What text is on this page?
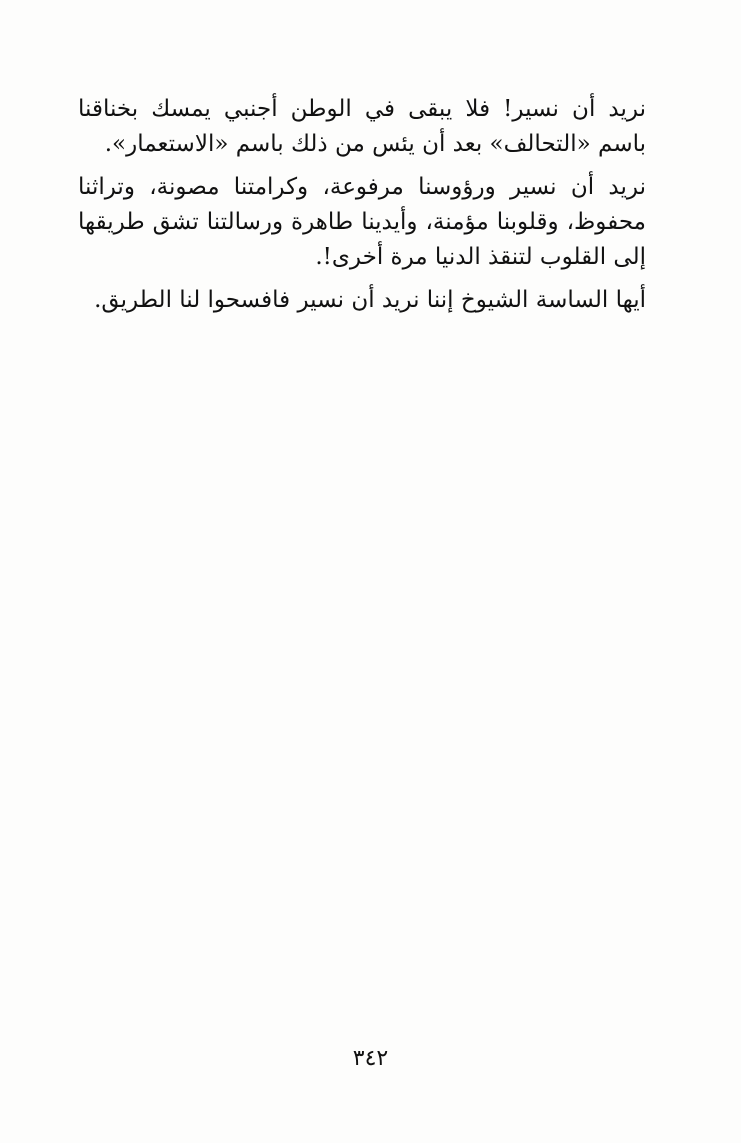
نريد أن نسير! فلا يبقى في الوطن أجنبي يمسك بخناقنا
باسم «التحالف» بعد أن يئس من ذلك باسم «الاستعمار».

نريد أن نسير ورؤوسنا مرفوعة، وكرامتنا مصونة، وتراثنا
محفوظ، وقلوبنا مؤمنة، وأيدينا طاهرة ورسالتنا تشق طريقها
إلى القلوب لتنقذ الدنيا مرة أخرى!.

أيها الساسة الشيوخ إننا نريد أن نسير فافسحوا لنا الطريق.

٣٤٢
